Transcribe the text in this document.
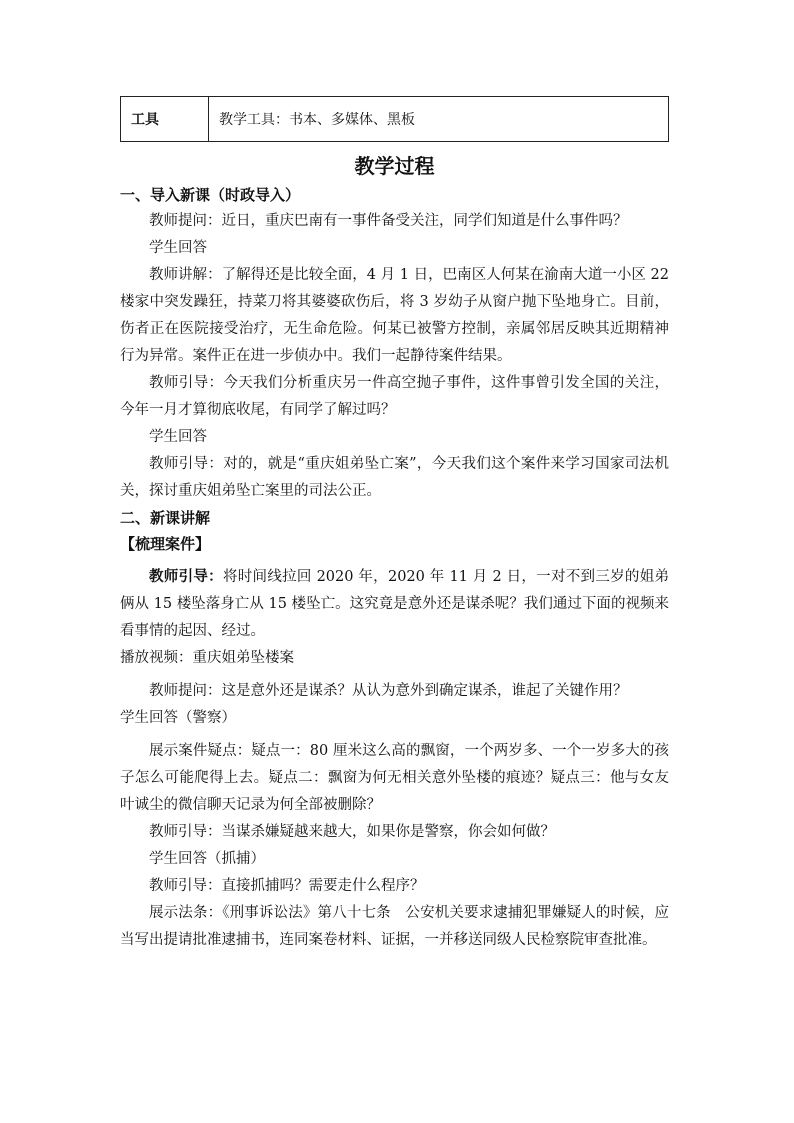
工具	教学工具：书本、多媒体、黑板
教学过程
一、导入新课（时政导入）

教师提问：近日，重庆巴南有一事件备受关注，同学们知道是什么事件吗？

学生回答

教师讲解：了解得还是比较全面，4 月 1 日，巴南区人何某在渝南大道一小区 22 楼家中突发躁狂，持菜刀将其婆婆砍伤后，将 3 岁幼子从窗户抛下坠地身亡。目前，伤者正在医院接受治疗，无生命危险。何某已被警方控制，亲属邻居反映其近期精神行为异常。案件正在进一步侦办中。我们一起静待案件结果。

教师引导：今天我们分析重庆另一件高空抛子事件，这件事曾引发全国的关注，今年一月才算彻底收尾，有同学了解过吗？

学生回答

教师引导：对的，就是“重庆姐弟坠亡案”，今天我们这个案件来学习国家司法机关，探讨重庆姐弟坠亡案里的司法公正。

二、新课讲解
【梳理案件】

教师引导：将时间线拉回 2020 年，2020 年 11 月 2 日，一对不到三岁的姐弟俩从 15 楼坠落身亡从 15 楼坠亡。这究竟是意外还是谋杀呢？我们通过下面的视频来看事情的起因、经过。

播放视频：重庆姐弟坠楼案

教师提问：这是意外还是谋杀？从认为意外到确定谋杀，谁起了关键作用？

学生回答（警察）

展示案件疑点：疑点一：80 厘米这么高的飘窗，一个两岁多、一个一岁多大的孩子怎么可能爬得上去。疑点二：飘窗为何无相关意外坠楼的痕迹？疑点三：他与女友叶诚尘的微信聊天记录为何全部被删除？

教师引导：当谋杀嫌疑越来越大，如果你是警察，你会如何做？

学生回答（抓捕）

教师引导：直接抓捕吗？需要走什么程序？

展示法条：《刑事诉讼法》第八十七条　公安机关要求逮捕犯罪嫌疑人的时候，应当写出提请批准逮捕书，连同案卷材料、证据，一并移送同级人民检察院审查批准。
